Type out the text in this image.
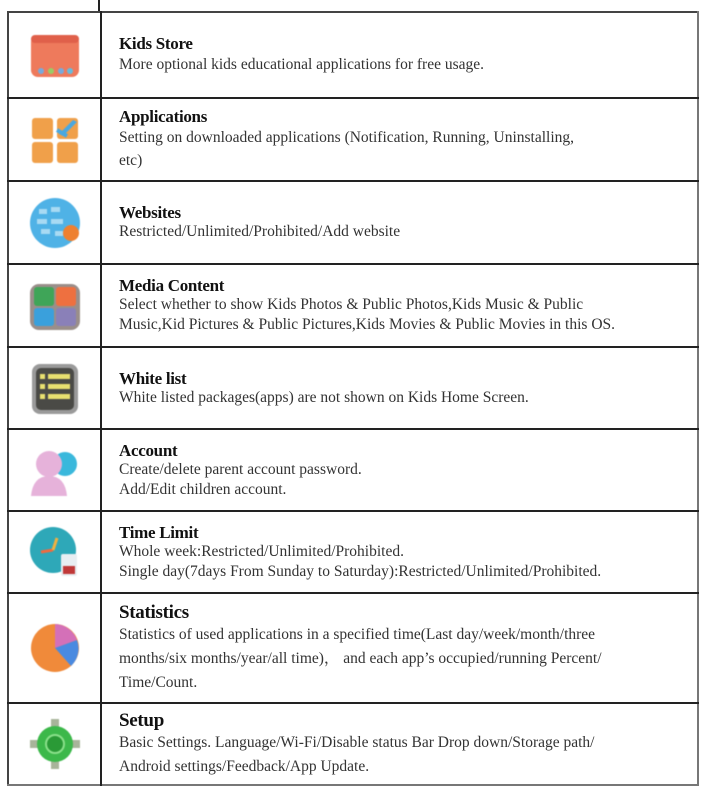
Kids Store
More optional kids educational applications for free usage.

Applications
Setting on downloaded applications (Notification, Running, Uninstalling,
etc)

Websites
Restricted/Unlimited/Prohibited/Add website

Media Content
Select whether to show Kids Photos & Public Photos,Kids Music & Public
Music,Kid Pictures & Public Pictures,Kids Movies & Public Movies in this OS.

White list
White listed packages(apps) are not shown on Kids Home Screen.

Account
Create/delete parent account password.
Add/Edit children account.

Time Limit
Whole week:Restricted/Unlimited/Prohibited.
Single day(7days From Sunday to Saturday):Restricted/Unlimited/Prohibited.

Statistics
Statistics of used applications in a specified time(Last day/week/month/three
months/six months/year/all time)， and each app’s occupied/running Percent/
Time/Count.

Setup
Basic Settings. Language/Wi-Fi/Disable status Bar Drop down/Storage path/
Android settings/Feedback/App Update.
